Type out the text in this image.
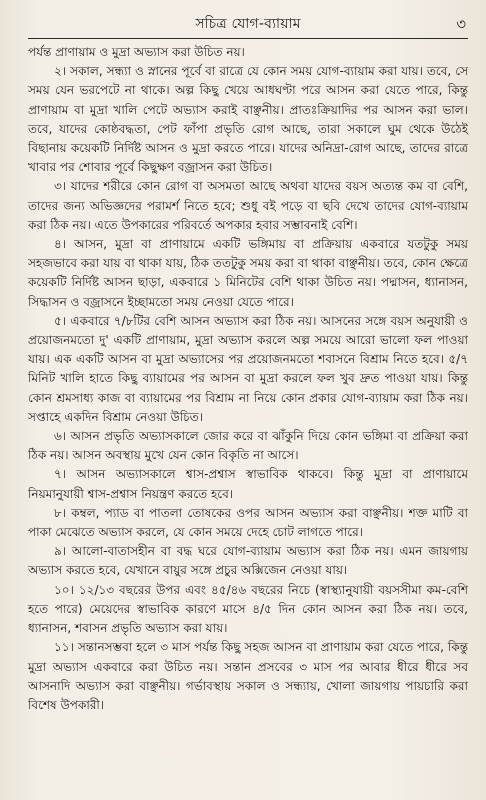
সচিত্র যোগ-ব্যায়াম	৩

পর্যন্ত প্রাণায়াম ও মুদ্রা অভ্যাস করা উচিত নয়।

২। সকাল, সন্ধ্যা ও স্নানের পূর্বে বা রাত্রে যে কোন সময় যোগ-ব্যায়াম করা যায়। তবে, সে সময় যেন ভরপেটে না থাকে। অল্প কিছু খেয়ে আধঘণ্টা পরে আসন করা যেতে পারে, কিন্তু প্রাণায়াম বা মুদ্রা খালি পেটে অভ্যাস করাই বাঞ্ছনীয়। প্রাতঃক্রিয়াদির পর আসন করা ভাল। তবে, যাদের কোষ্ঠবদ্ধতা, পেট ফাঁপা প্রভৃতি রোগ আছে, তারা সকালে ঘুম থেকে উঠেই বিছানায় কয়েকটি নির্দিষ্ট আসন ও মুদ্রা করতে পারে। যাদের অনিদ্রা-রোগ আছে, তাদের রাত্রে খাবার পর শোবার পূর্বে কিছুক্ষণ বজ্রাসন করা উচিত।

৩। যাদের শরীরে কোন রোগ বা অসমতা আছে অথবা যাদের বয়স অত্যন্ত কম বা বেশি, তাদের জন্য অভিজ্ঞদের পরামর্শ নিতে হবে; শুধু বই পড়ে বা ছবি দেখে তাদের যোগ-ব্যায়াম করা ঠিক নয়। এতে উপকারের পরিবর্তে অপকার হবার সম্ভাবনাই বেশি।

৪। আসন, মুদ্রা বা প্রাণায়ামে একটি ভঙ্গিমায় বা প্রক্রিয়ায় একবারে যতটুকু সময় সহজভাবে করা যায় বা থাকা যায়, ঠিক ততটুকু সময় করা বা থাকা বাঞ্ছনীয়। তবে, কোন ক্ষেত্রে কয়েকটি নির্দিষ্ট আসন ছাড়া, একবারে ১ মিনিটের বেশি থাকা উচিত নয়। পদ্মাসন, ধ্যানাসন, সিদ্ধাসন ও বজ্রাসনে ইচ্ছামতো সময় নেওয়া যেতে পারে।

৫। একবারে ৭/৮টির বেশি আসন অভ্যাস করা ঠিক নয়। আসনের সঙ্গে বয়স অনুযায়ী ও প্রয়োজনমতো দু' একটি প্রাণায়াম, মুদ্রা অভ্যাস করলে অল্প সময়ে আরো ভালো ফল পাওয়া যায়। এক একটি আসন বা মুদ্রা অভ্যাসের পর প্রয়োজনমতো শবাসনে বিশ্রাম নিতে হবে। ৫/৭ মিনিট খালি হাতে কিছু ব্যায়ামের পর আসন বা মুদ্রা করলে ফল খুব দ্রুত পাওয়া যায়। কিন্তু কোন শ্রমসাধ্য কাজ বা ব্যায়ামের পর বিশ্রাম না নিয়ে কোন প্রকার যোগ-ব্যায়াম করা ঠিক নয়। সপ্তাহে একদিন বিশ্রাম নেওয়া উচিত।

৬। আসন প্রভৃতি অভ্যাসকালে জোর করে বা ঝাঁকুনি দিয়ে কোন ভঙ্গিমা বা প্রক্রিয়া করা ঠিক নয়। আসন অবস্থায় মুখে যেন কোন বিকৃতি না আসে।

৭। আসন অভ্যাসকালে শ্বাস-প্রশ্বাস স্বাভাবিক থাকবে। কিন্তু মুদ্রা বা প্রাণায়ামে নিয়মানুযায়ী শ্বাস-প্রশ্বাস নিয়ন্ত্রণ করতে হবে।

৮। কম্বল, প্যাড বা পাতলা তোষকের ওপর আসন অভ্যাস করা বাঞ্ছনীয়। শক্ত মাটি বা পাকা মেঝেতে অভ্যাস করলে, যে কোন সময়ে দেহে চোট লাগতে পারে।

৯। আলো-বাতাসহীন বা বদ্ধ ঘরে যোগ-ব্যায়াম অভ্যাস করা ঠিক নয়। এমন জায়গায় অভ্যাস করতে হবে, যেখানে বায়ুর সঙ্গে প্রচুর অক্সিজেন নেওয়া যায়।

১০। ১২/১৩ বছরের উপর এবং ৪৫/৪৬ বছরের নিচে (স্বাস্থ্যানুযায়ী বয়সসীমা কম-বেশি হতে পারে) মেয়েদের স্বাভাবিক কারণে মাসে ৪/৫ দিন কোন আসন করা ঠিক নয়। তবে, ধ্যানাসন, শবাসন প্রভৃতি অভ্যাস করা যায়।

১১। সন্তানসম্ভবা হলে ৩ মাস পর্যন্ত কিছু সহজ আসন বা প্রাণায়াম করা যেতে পারে, কিন্তু মুদ্রা অভ্যাস একবারে করা উচিত নয়। সন্তান প্রসবের ৩ মাস পর আবার ধীরে ধীরে সব আসনাদি অভ্যাস করা বাঞ্ছনীয়। গর্ভাবস্থায় সকাল ও সন্ধ্যায়, খোলা জায়গায় পায়চারি করা বিশেষ উপকারী।
